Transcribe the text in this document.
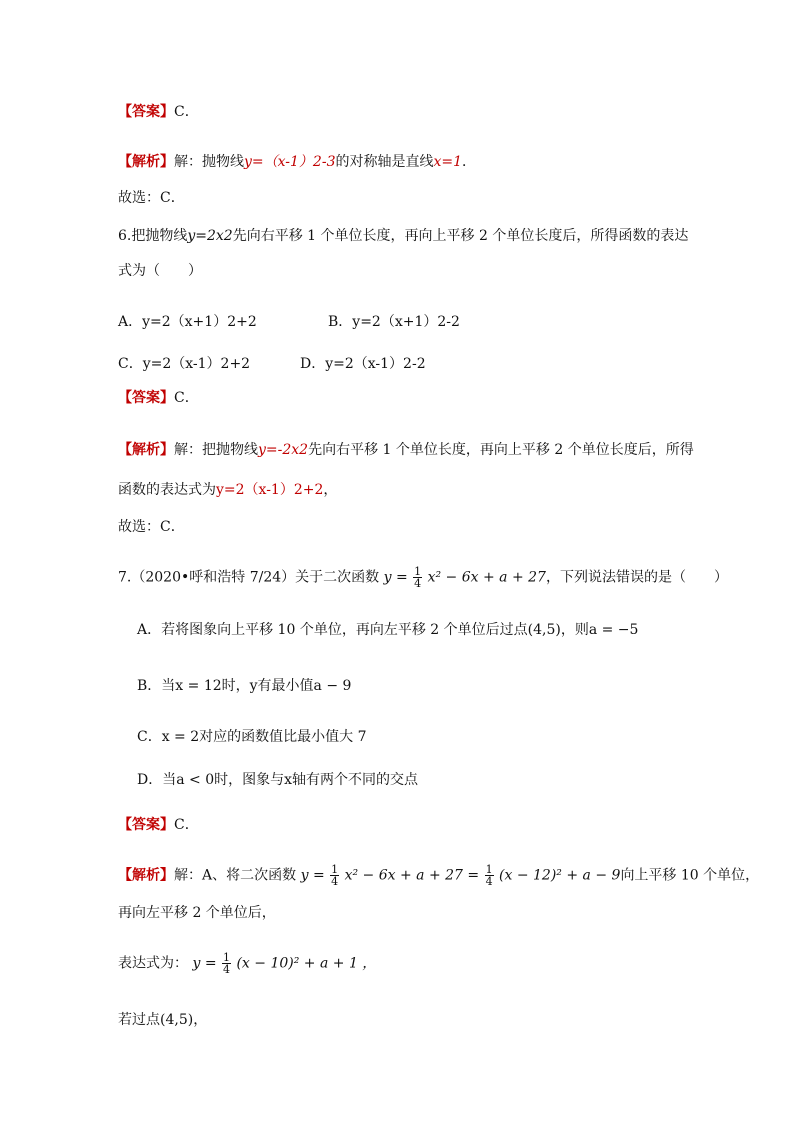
【答案】C．
【解析】解：抛物线y=（x-1）2-3的对称轴是直线x=1．
故选：C．
6.把抛物线y=2x2先向右平移 1 个单位长度，再向上平移 2 个单位长度后，所得函数的表达
式为（　　）
A．y=2（x+1）2+2	B．y=2（x+1）2-2
C．y=2（x-1）2+2	D．y=2（x-1）2-2
【答案】C．
【解析】解：把抛物线y=-2x2先向右平移 1 个单位长度，再向上平移 2 个单位长度后，所得
函数的表达式为y=2（x-1）2+2，
故选：C．
7.（2020•呼和浩特 7/24）关于二次函数 $y = \frac{1}{4} x^2 - 6x + a + 27$，下列说法错误的是（　　）
A．若将图象向上平移 10 个单位，再向左平移 2 个单位后过点(4,5)，则a = −5
B．当x = 12时，y有最小值a − 9
C．x = 2对应的函数值比最小值大 7
D．当a < 0时，图象与x轴有两个不同的交点
【答案】C．
【解析】解：A、将二次函数 $y = \frac{1}{4} x^2 - 6x + a + 27 = \frac{1}{4} (x - 12)^2 + a - 9$向上平移 10 个单位，
再向左平移 2 个单位后，
表达式为： $y = \frac{1}{4} (x - 10)^2 + a + 1$ ，
若过点(4,5)，
